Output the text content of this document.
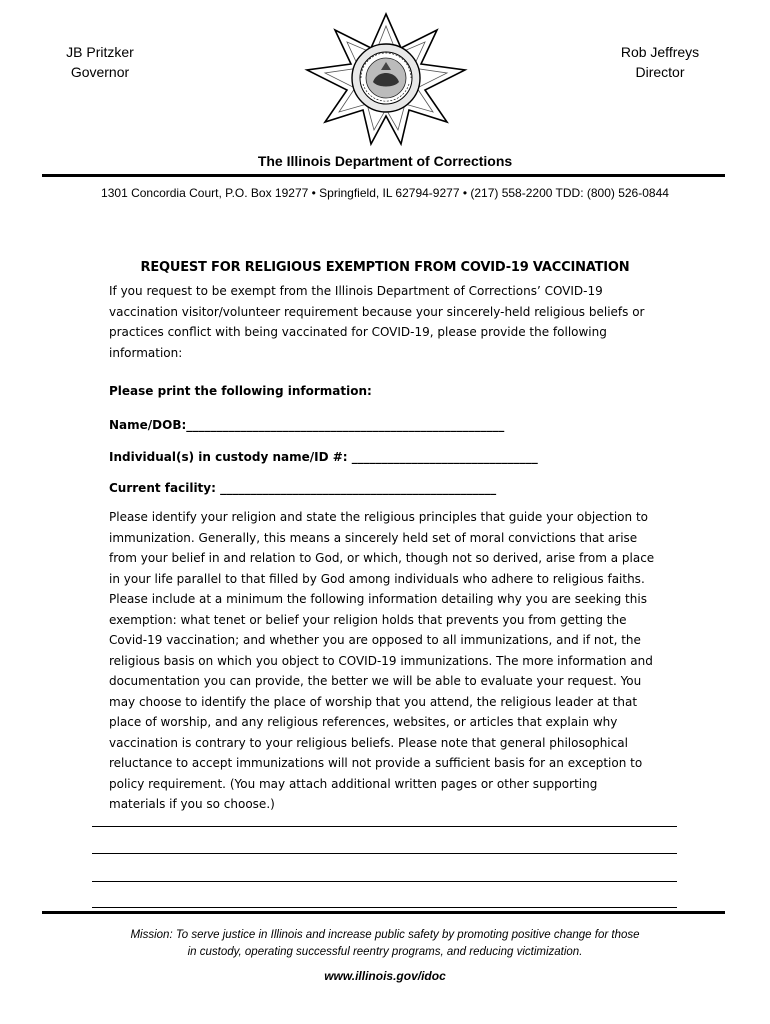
JB Pritzker
Governor
Rob Jeffreys
Director
The Illinois Department of Corrections
1301 Concordia Court, P.O. Box 19277 • Springfield, IL 62794-9277 • (217) 558-2200 TDD: (800) 526-0844
REQUEST FOR RELIGIOUS EXEMPTION FROM COVID-19 VACCINATION
If you request to be exempt from the Illinois Department of Corrections’ COVID-19
vaccination visitor/volunteer requirement because your sincerely-held religious beliefs or
practices conflict with being vaccinated for COVID-19, please provide the following
information:
Please print the following information:
Name/DOB:_____________________________________________________
Individual(s) in custody name/ID #: _______________________________
Current facility: ______________________________________________
Please identify your religion and state the religious principles that guide your objection to
immunization. Generally, this means a sincerely held set of moral convictions that arise
from your belief in and relation to God, or which, though not so derived, arise from a place
in your life parallel to that filled by God among individuals who adhere to religious faiths.
Please include at a minimum the following information detailing why you are seeking this
exemption: what tenet or belief your religion holds that prevents you from getting the
Covid-19 vaccination; and whether you are opposed to all immunizations, and if not, the
religious basis on which you object to COVID-19 immunizations. The more information and
documentation you can provide, the better we will be able to evaluate your request. You
may choose to identify the place of worship that you attend, the religious leader at that
place of worship, and any religious references, websites, or articles that explain why
vaccination is contrary to your religious beliefs. Please note that general philosophical
reluctance to accept immunizations will not provide a sufficient basis for an exception to
policy requirement. (You may attach additional written pages or other supporting
materials if you so choose.)
Mission: To serve justice in Illinois and increase public safety by promoting positive change for those
in custody, operating successful reentry programs, and reducing victimization.
www.illinois.gov/idoc
